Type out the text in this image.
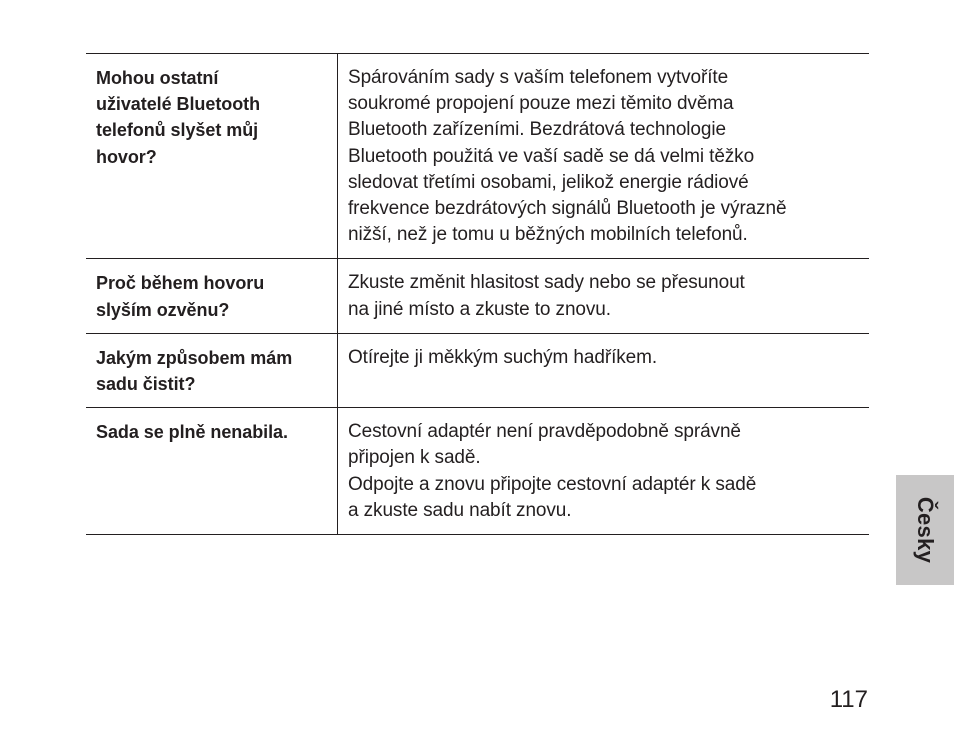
Mohou ostatní
uživatelé Bluetooth
telefonů slyšet můj
hovor?
Spárováním sady s vaším telefonem vytvoříte
soukromé propojení pouze mezi těmito dvěma
Bluetooth zařízeními. Bezdrátová technologie
Bluetooth použitá ve vaší sadě se dá velmi těžko
sledovat třetími osobami, jelikož energie rádiové
frekvence bezdrátových signálů Bluetooth je výrazně
nižší, než je tomu u běžných mobilních telefonů.
Proč během hovoru
slyším ozvěnu?
Zkuste změnit hlasitost sady nebo se přesunout
na jiné místo a zkuste to znovu.
Jakým způsobem mám
sadu čistit?
Otírejte ji měkkým suchým hadříkem.
Sada se plně nenabila.	Cestovní adaptér není pravděpodobně správně
připojen k sadě.
Odpojte a znovu připojte cestovní adaptér k sadě
a zkuste sadu nabít znovu.	Česky
117
